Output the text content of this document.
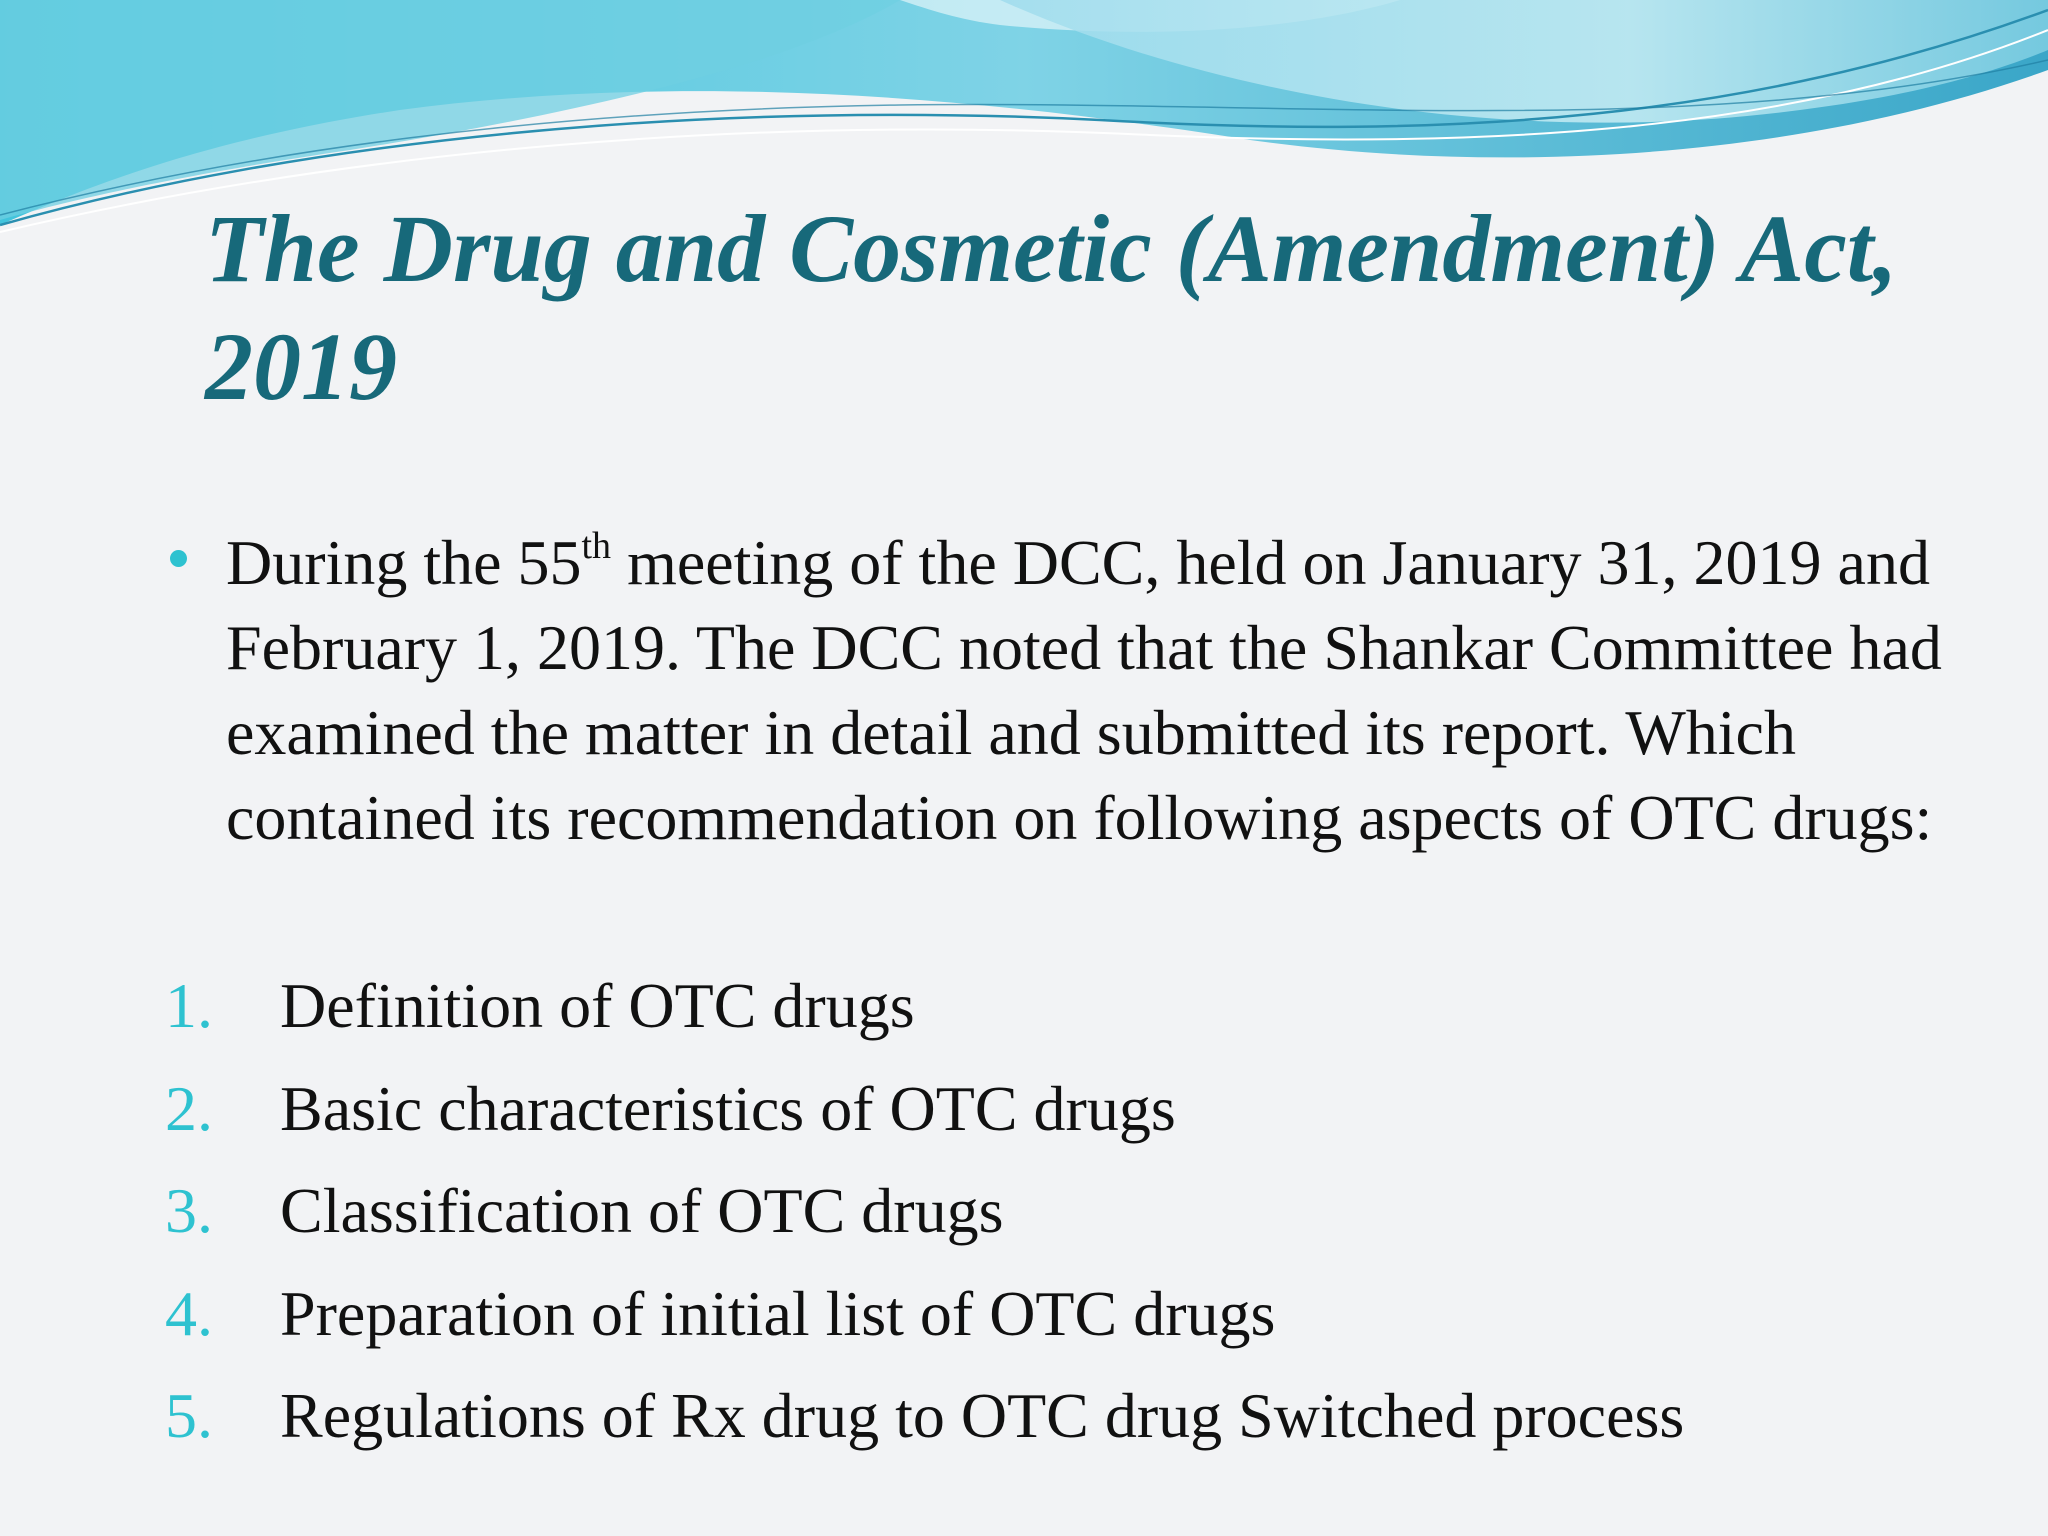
The Drug and Cosmetic (Amendment) Act, 2019
During the 55th meeting of the DCC, held on January 31, 2019 and February 1, 2019. The DCC noted that the Shankar Committee had examined the matter in detail and submitted its report. Which contained its recommendation on following aspects of OTC drugs:
1. Definition of OTC drugs
2. Basic characteristics of OTC drugs
3. Classification of OTC drugs
4. Preparation of initial list of OTC drugs
5. Regulations of Rx drug to OTC drug Switched process
